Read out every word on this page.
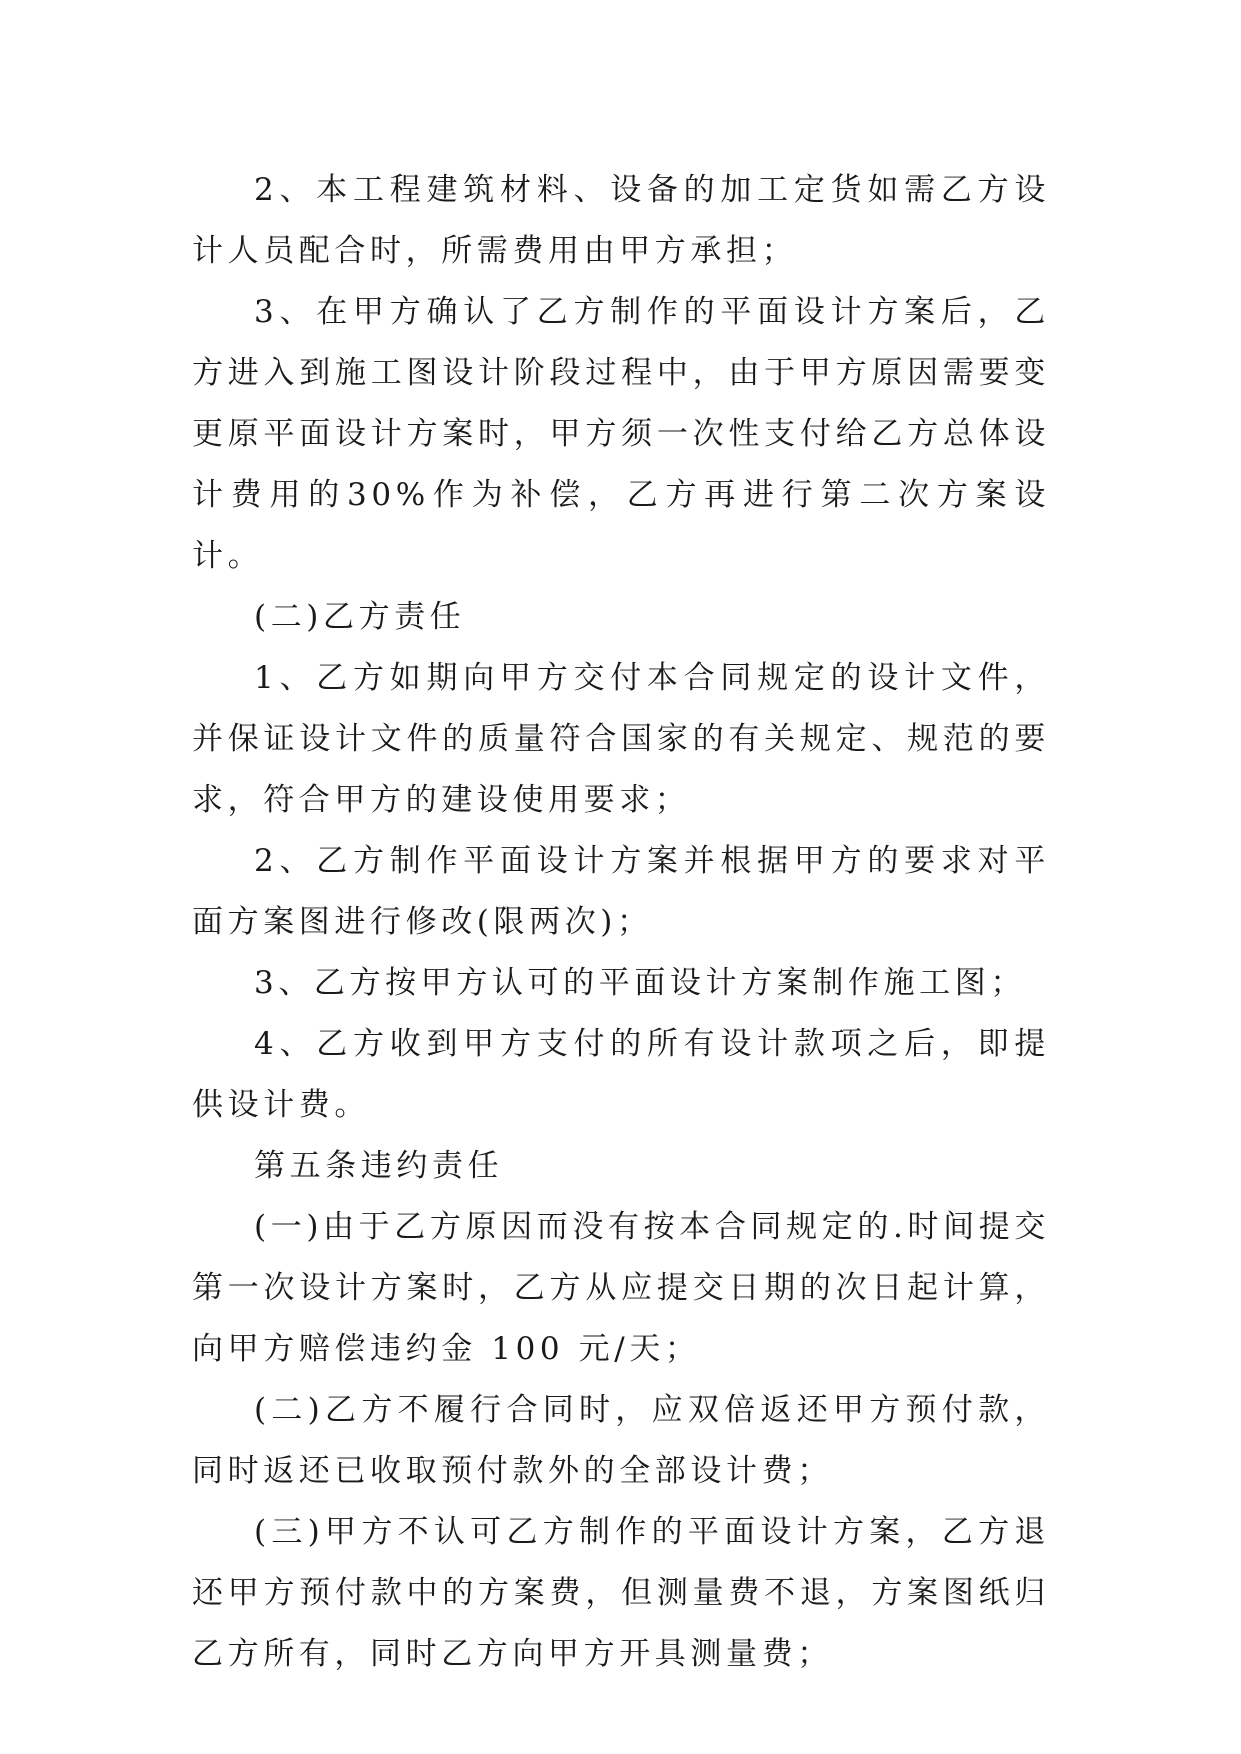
2、本工程建筑材料、设备的加工定货如需乙方设计人员配合时，所需费用由甲方承担；

3、在甲方确认了乙方制作的平面设计方案后，乙方进入到施工图设计阶段过程中，由于甲方原因需要变更原平面设计方案时，甲方须一次性支付给乙方总体设计费用的30%作为补偿，乙方再进行第二次方案设计。

(二)乙方责任

1、乙方如期向甲方交付本合同规定的设计文件，并保证设计文件的质量符合国家的有关规定、规范的要求，符合甲方的建设使用要求；

2、乙方制作平面设计方案并根据甲方的要求对平面方案图进行修改(限两次)；

3、乙方按甲方认可的平面设计方案制作施工图；

4、乙方收到甲方支付的所有设计款项之后，即提供设计费。

第五条违约责任

(一)由于乙方原因而没有按本合同规定的.时间提交第一次设计方案时，乙方从应提交日期的次日起计算，向甲方赔偿违约金 100 元/天；

(二)乙方不履行合同时，应双倍返还甲方预付款，同时返还已收取预付款外的全部设计费；

(三)甲方不认可乙方制作的平面设计方案，乙方退还甲方预付款中的方案费，但测量费不退，方案图纸归乙方所有，同时乙方向甲方开具测量费；
